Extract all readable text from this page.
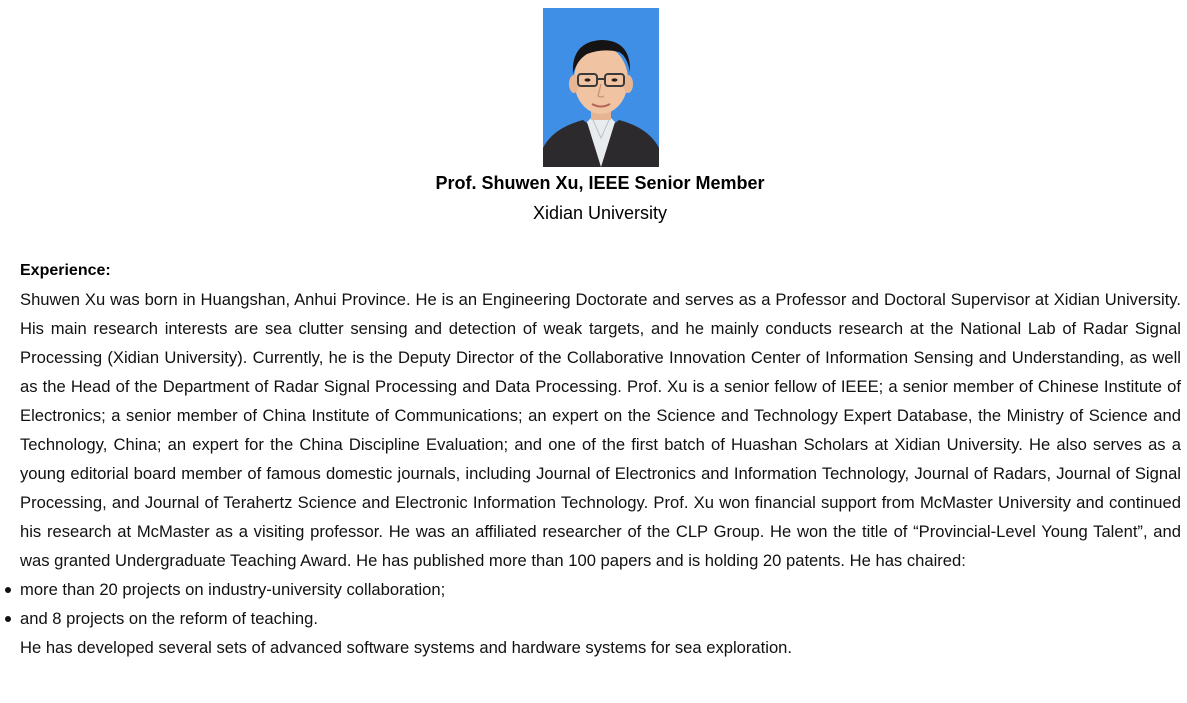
Prof. Shuwen Xu, IEEE Senior Member
Xidian University
Experience:

Shuwen Xu was born in Huangshan, Anhui Province. He is an Engineering Doctorate and serves as a Professor and Doctoral Supervisor at Xidian University. His main research interests are sea clutter sensing and detection of weak targets, and he mainly conducts research at the National Lab of Radar Signal Processing (Xidian University). Currently, he is the Deputy Director of the Collaborative Innovation Center of Information Sensing and Understanding, as well as the Head of the Department of Radar Signal Processing and Data Processing. Prof. Xu is a senior fellow of IEEE; a senior member of Chinese Institute of Electronics; a senior member of China Institute of Communications; an expert on the Science and Technology Expert Database, the Ministry of Science and Technology, China; an expert for the China Discipline Evaluation; and one of the first batch of Huashan Scholars at Xidian University. He also serves as a young editorial board member of famous domestic journals, including Journal of Electronics and Information Technology, Journal of Radars, Journal of Signal Processing, and Journal of Terahertz Science and Electronic Information Technology. Prof. Xu won financial support from McMaster University and continued his research at McMaster as a visiting professor. He was an affiliated researcher of the CLP Group. He won the title of “Provincial-Level Young Talent”, and was granted Undergraduate Teaching Award. He has published more than 100 papers and is holding 20 patents. He has chaired:

more than 20 projects on industry-university collaboration;
and 8 projects on the reform of teaching.

He has developed several sets of advanced software systems and hardware systems for sea exploration.
